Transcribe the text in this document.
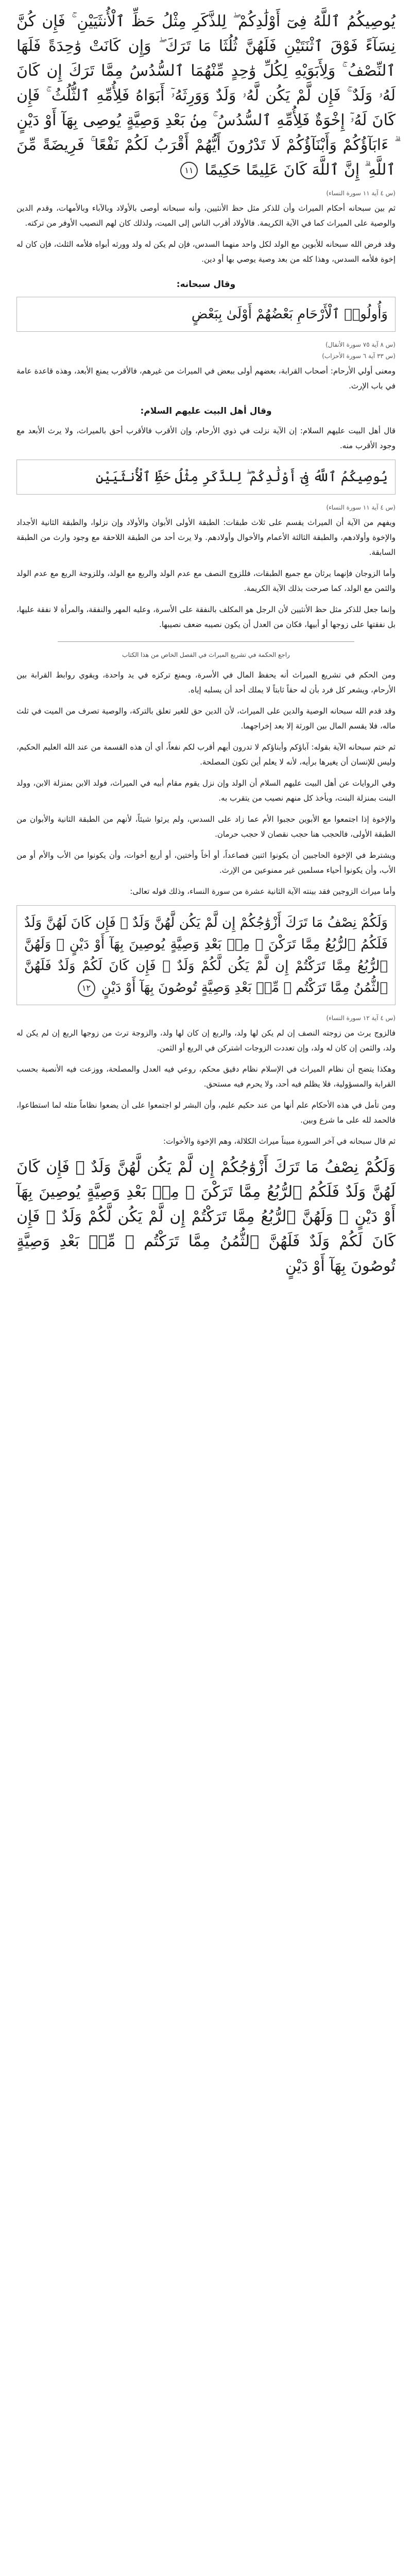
يُوصِيكُمُ ٱللَّهُ فِىٓ أَوْلَٰدِكُمْ ۖ لِلذَّكَرِ مِثْلُ حَظِّ ٱلْأُنثَيَيْنِ ۚ فَإِن كُنَّ نِسَآءً فَوْقَ ٱثْنَتَيْنِ فَلَهُنَّ ثُلُثَا مَا تَرَكَ ۖ وَإِن كَانَتْ وَٰحِدَةً فَلَهَا ٱلنِّصْفُ ۚ وَلِأَبَوَيْهِ لِكُلِّ وَٰحِدٍ مِّنْهُمَا ٱلسُّدُسُ مِمَّا تَرَكَ إِن كَانَ لَهُۥ وَلَدٌ ۚ فَإِن لَّمْ يَكُن لَّهُۥ وَلَدٌ وَوَرِثَهُۥٓ أَبَوَاهُ فَلِأُمِّهِ ٱلثُّلُثُ ۚ فَإِن كَانَ لَهُۥٓ إِخْوَةٌ فَلِأُمِّهِ ٱلسُّدُسُ ۚ مِنۢ بَعْدِ وَصِيَّةٍ يُوصِى بِهَآ أَوْ دَيْنٍ ۗ ءَابَآؤُكُمْ وَأَبْنَآؤُكُمْ لَا تَدْرُونَ أَيُّهُمْ أَقْرَبُ لَكُمْ نَفْعًا ۚ فَرِيضَةً مِّنَ ٱللَّهِ ۗ إِنَّ ٱللَّهَ كَانَ عَلِيمًا حَكِيمًا ١١
(س ٤ آية ١١ سورة النساء)

ثم بين سبحانه أحكام الميراث وأن للذكر مثل حظ الأنثيين، وأنه سبحانه أوصى بالأولاد وبالآباء وبالأمهات، وقدم الدين والوصية على الميراث كما في الآية الكريمة. فالأولاد أقرب الناس إلى الميت، ولذلك كان لهم النصيب الأوفر من تركته.

وقد فرض الله سبحانه للأبوين مع الولد لكل واحد منهما السدس، فإن لم يكن له ولد وورثه أبواه فلأمه الثلث، فإن كان له إخوة فلأمه السدس، وهذا كله من بعد وصية يوصي بها أو دين.

وقال سبحانه:
وَأُولُوا۟ ٱلْأَرْحَامِ بَعْضُهُمْ أَوْلَىٰ بِبَعْضٍ
(س ٨ آية ٧٥ سورة الأنفال)
(س ٣٣ آية ٦ سورة الأحزاب)

ومعنى أولي الأرحام: أصحاب القرابة، بعضهم أولى ببعض في الميراث من غيرهم، فالأقرب يمنع الأبعد، وهذه قاعدة عامة في باب الإرث.

وقال أهل البيت عليهم السلام:

قال أهل البيت عليهم السلام: إن الآية نزلت في ذوي الأرحام، وإن الأقرب فالأقرب أحق بالميراث، ولا يرث الأبعد مع وجود الأقرب منه.

يُوصِيكُمُ ٱللَّهُ فِىٓ أَوْلَٰدِكُمْ ۖ لِلذَّكَرِ مِثْلُ حَظِّ ٱلْأُنثَيَيْنِ
(س ٤ آية ١١ سورة النساء)

ويفهم من الآية أن الميراث يقسم على ثلاث طبقات: الطبقة الأولى الأبوان والأولاد وإن نزلوا، والطبقة الثانية الأجداد والإخوة وأولادهم، والطبقة الثالثة الأعمام والأخوال وأولادهم. ولا يرث أحد من الطبقة اللاحقة مع وجود وارث من الطبقة السابقة.

وأما الزوجان فإنهما يرثان مع جميع الطبقات، فللزوج النصف مع عدم الولد والربع مع الولد، وللزوجة الربع مع عدم الولد والثمن مع الولد، كما صرحت بذلك الآية الكريمة.

وإنما جعل للذكر مثل حظ الأنثيين لأن الرجل هو المكلف بالنفقة على الأسرة، وعليه المهر والنفقة، والمرأة لا نفقة عليها، بل نفقتها على زوجها أو أبيها، فكان من العدل أن يكون نصيبه ضعف نصيبها.

راجع الحكمة في تشريع الميراث في الفصل الخاص من هذا الكتاب

ومن الحكم في تشريع الميراث أنه يحفظ المال في الأسرة، ويمنع تركزه في يد واحدة، ويقوي روابط القرابة بين الأرحام، ويشعر كل فرد بأن له حقاً ثابتاً لا يملك أحد أن يسلبه إياه.

وقد قدم الله سبحانه الوصية والدين على الميراث، لأن الدين حق للغير تعلق بالتركة، والوصية تصرف من الميت في ثلث ماله، فلا يقسم المال بين الورثة إلا بعد إخراجهما.

ثم ختم سبحانه الآية بقوله: آباؤكم وأبناؤكم لا تدرون أيهم أقرب لكم نفعاً، أي أن هذه القسمة من عند الله العليم الحكيم، وليس للإنسان أن يغيرها برأيه، لأنه لا يعلم أين تكون المصلحة.

وفي الروايات عن أهل البيت عليهم السلام أن الولد وإن نزل يقوم مقام أبيه في الميراث، فولد الابن بمنزلة الابن، وولد البنت بمنزلة البنت، ويأخذ كل منهم نصيب من يتقرب به.

والإخوة إذا اجتمعوا مع الأبوين حجبوا الأم عما زاد على السدس، ولم يرثوا شيئاً، لأنهم من الطبقة الثانية والأبوان من الطبقة الأولى، فالحجب هنا حجب نقصان لا حجب حرمان.

ويشترط في الإخوة الحاجبين أن يكونوا اثنين فصاعداً، أو أخاً وأختين، أو أربع أخوات، وأن يكونوا من الأب والأم أو من الأب، وأن يكونوا أحياء مسلمين غير ممنوعين من الإرث.

وأما ميراث الزوجين فقد بينته الآية الثانية عشرة من سورة النساء، وذلك قوله تعالى:

وَلَكُمْ نِصْفُ مَا تَرَكَ أَزْوَٰجُكُمْ إِن لَّمْ يَكُن لَّهُنَّ وَلَدٌ ۚ فَإِن كَانَ لَهُنَّ وَلَدٌ فَلَكُمُ ٱلرُّبُعُ مِمَّا تَرَكْنَ ۚ مِنۢ بَعْدِ وَصِيَّةٍ يُوصِينَ بِهَآ أَوْ دَيْنٍ ۚ وَلَهُنَّ ٱلرُّبُعُ مِمَّا تَرَكْتُمْ إِن لَّمْ يَكُن لَّكُمْ وَلَدٌ ۚ فَإِن كَانَ لَكُمْ وَلَدٌ فَلَهُنَّ ٱلثُّمُنُ مِمَّا تَرَكْتُم ۚ مِّنۢ بَعْدِ وَصِيَّةٍ تُوصُونَ بِهَآ أَوْ دَيْنٍ ١٢
(س ٤ آية ١٢ سورة النساء)

فالزوج يرث من زوجته النصف إن لم يكن لها ولد، والربع إن كان لها ولد، والزوجة ترث من زوجها الربع إن لم يكن له ولد، والثمن إن كان له ولد، وإن تعددت الزوجات اشتركن في الربع أو الثمن.

وهكذا يتضح أن نظام الميراث في الإسلام نظام دقيق محكم، روعي فيه العدل والمصلحة، ووزعت فيه الأنصبة بحسب القرابة والمسؤولية، فلا يظلم فيه أحد، ولا يحرم فيه مستحق.

ومن تأمل في هذه الأحكام علم أنها من عند حكيم عليم، وأن البشر لو اجتمعوا على أن يضعوا نظاماً مثله لما استطاعوا، فالحمد لله على ما شرع وبين.

ثم قال سبحانه في آخر السورة مبيناً ميراث الكلالة، وهم الإخوة والأخوات:

وَلَكُمْ نِصْفُ مَا تَرَكَ أَزْوَٰجُكُمْ إِن لَّمْ يَكُن لَّهُنَّ وَلَدٌ ۚ فَإِن كَانَ لَهُنَّ وَلَدٌ فَلَكُمُ ٱلرُّبُعُ مِمَّا تَرَكْنَ ۚ مِنۢ بَعْدِ وَصِيَّةٍ يُوصِينَ بِهَآ أَوْ دَيْنٍ ۚ وَلَهُنَّ ٱلرُّبُعُ مِمَّا تَرَكْتُمْ إِن لَّمْ يَكُن لَّكُمْ وَلَدٌ ۚ فَإِن كَانَ لَكُمْ وَلَدٌ فَلَهُنَّ ٱلثُّمُنُ مِمَّا تَرَكْتُم ۚ مِّنۢ بَعْدِ وَصِيَّةٍ تُوصُونَ بِهَآ أَوْ دَيْنٍ
